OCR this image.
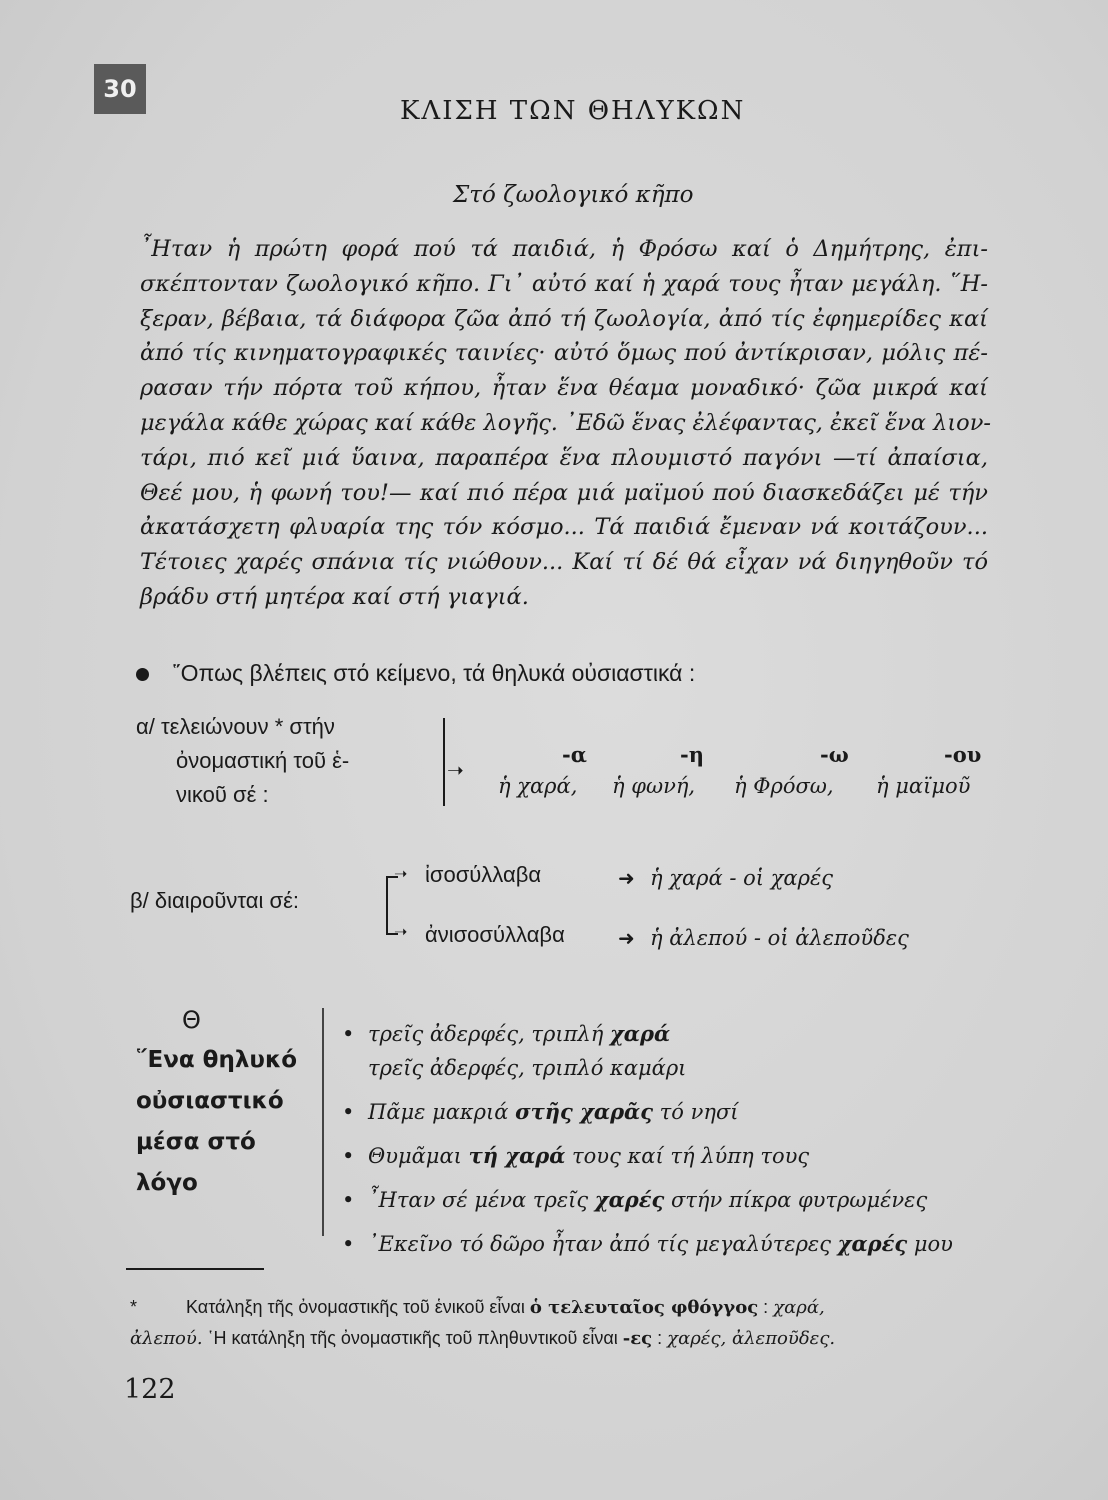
30
ΚΛΙΣΗ ΤΩΝ ΘΗΛΥΚΩΝ
Στό ζωολογικό κῆπο
῏Ηταν ἡ πρώτη φορά πού τά παιδιά, ἡ Φρόσω καί ὁ Δημήτρης, ἐπι-
σκέπτονταν ζωολογικό κῆπο. Γι᾿ αὐτό καί ἡ χαρά τους ἦταν μεγάλη. ῞Η-
ξεραν, βέβαια, τά διάφορα ζῶα ἀπό τή ζωολογία, ἀπό τίς ἐφημερίδες καί
ἀπό τίς κινηματογραφικές ταινίες· αὐτό ὅμως πού ἀντίκρισαν, μόλις πέ-
ρασαν τήν πόρτα τοῦ κήπου, ἦταν ἕνα θέαμα μοναδικό· ζῶα μικρά καί
μεγάλα κάθε χώρας καί κάθε λογῆς. ᾿Εδῶ ἕνας ἐλέφαντας, ἐκεῖ ἕνα λιον-
τάρι, πιό κεῖ μιά ὕαινα, παραπέρα ἕνα πλουμιστό παγόνι —τί ἀπαίσια,
Θεέ μου, ἡ φωνή του!— καί πιό πέρα μιά μαϊμού πού διασκεδάζει μέ τήν
ἀκατάσχετη φλυαρία της τόν κόσμο... Τά παιδιά ἔμεναν νά κοιτάζουν...
Τέτοιες χαρές σπάνια τίς νιώθουν... Καί τί δέ θά εἶχαν νά διηγηθοῦν τό
βράδυ στή μητέρα καί στή γιαγιά.
῞Οπως βλέπεις στό κείμενο, τά θηλυκά οὐσιαστικά :
α/ τελειώνουν * στήν
ὀνομαστική τοῦ ἑ-
νικοῦ σέ :
➝
-α	-η	-ω	-ου
ἡ χαρά, ἡ φωνή, ἡ Φρόσω, ἡ μαϊμοῦ
β/ διαιροῦνται σέ:
➝
➝
ἰσοσύλλαβα	➜ ἡ χαρά - οἱ χαρές
ἀνισοσύλλαβα	➜ ἡ ἀλεπού - οἱ ἀλεποῦδες
Θ
῞Ενα θηλυκό
οὐσιαστικό
μέσα στό
λόγο
• τρεῖς ἀδερφές, τριπλή χαρά
τρεῖς ἀδερφές, τριπλό καμάρι
• Πᾶμε μακριά στῆς χαρᾶς τό νησί
• Θυμᾶμαι τή χαρά τους καί τή λύπη τους
• ῏Ηταν σέ μένα τρεῖς χαρές στήν πίκρα φυτρωμένες
• ᾿Εκεῖνο τό δῶρο ἦταν ἀπό τίς μεγαλύτερες χαρές μου
*	Κατάληξη τῆς ὀνομαστικῆς τοῦ ἑνικοῦ εἶναι ὁ τελευταῖος φθόγγος : χαρά,
ἀλεπού. ῾Η κατάληξη τῆς ὀνομαστικῆς τοῦ πληθυντικοῦ εἶναι -ες : χαρές, ἀλεποῦδες.
122
